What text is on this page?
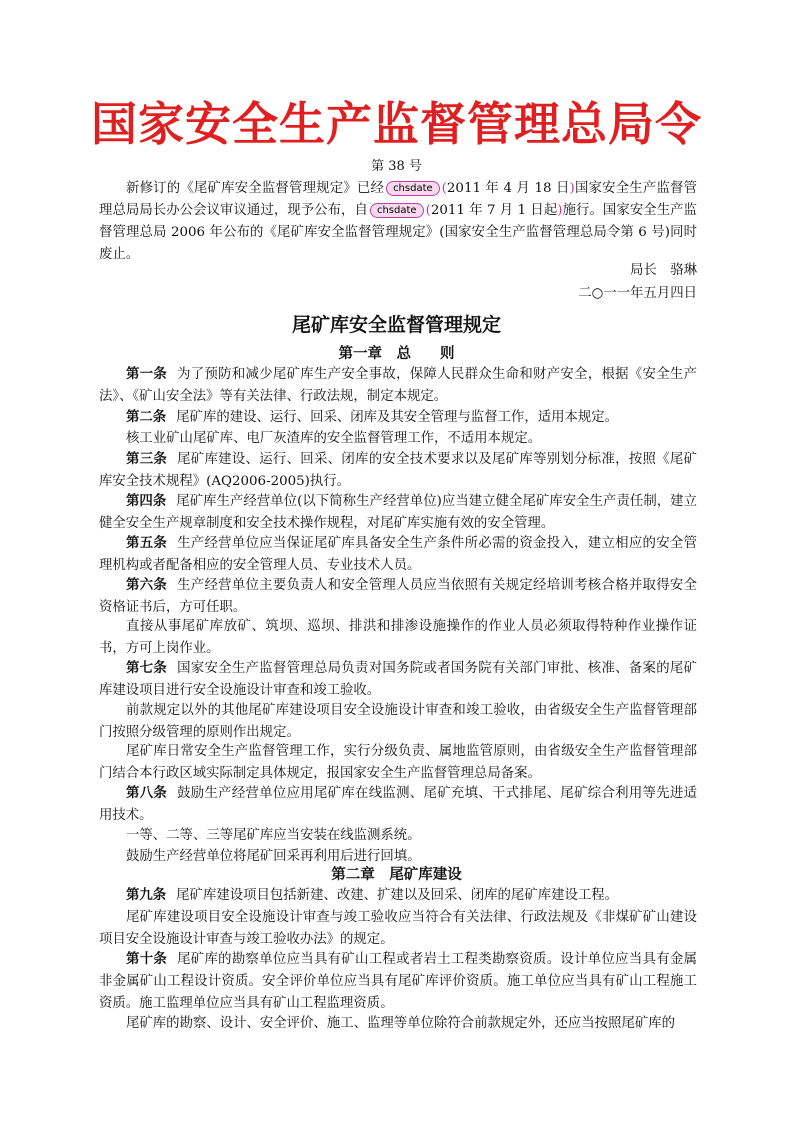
国家安全生产监督管理总局令
第 38 号
新修订的《尾矿库安全监督管理规定》已经 chsdate (2011 年 4 月 18 日)国家安全生产监督管理总局局长办公会议审议通过，现予公布，自 chsdate (2011 年 7 月 1 日起)施行。国家安全生产监督管理总局 2006 年公布的《尾矿库安全监督管理规定》(国家安全生产监督管理总局令第 6 号)同时废止。
局长　骆琳
二○一一年五月四日
尾矿库安全监督管理规定
第一章　总　　则
第一条 为了预防和减少尾矿库生产安全事故，保障人民群众生命和财产安全，根据《安全生产法》、《矿山安全法》等有关法律、行政法规，制定本规定。
第二条 尾矿库的建设、运行、回采、闭库及其安全管理与监督工作，适用本规定。
核工业矿山尾矿库、电厂灰渣库的安全监督管理工作，不适用本规定。
第三条 尾矿库建设、运行、回采、闭库的安全技术要求以及尾矿库等别划分标准，按照《尾矿库安全技术规程》(AQ2006-2005)执行。
第四条 尾矿库生产经营单位(以下简称生产经营单位)应当建立健全尾矿库安全生产责任制，建立健全安全生产规章制度和安全技术操作规程，对尾矿库实施有效的安全管理。
第五条 生产经营单位应当保证尾矿库具备安全生产条件所必需的资金投入，建立相应的安全管理机构或者配备相应的安全管理人员、专业技术人员。
第六条 生产经营单位主要负责人和安全管理人员应当依照有关规定经培训考核合格并取得安全资格证书后，方可任职。
直接从事尾矿库放矿、筑坝、巡坝、排洪和排渗设施操作的作业人员必须取得特种作业操作证书，方可上岗作业。
第七条 国家安全生产监督管理总局负责对国务院或者国务院有关部门审批、核准、备案的尾矿库建设项目进行安全设施设计审查和竣工验收。
前款规定以外的其他尾矿库建设项目安全设施设计审查和竣工验收，由省级安全生产监督管理部门按照分级管理的原则作出规定。
尾矿库日常安全生产监督管理工作，实行分级负责、属地监管原则，由省级安全生产监督管理部门结合本行政区域实际制定具体规定，报国家安全生产监督管理总局备案。
第八条 鼓励生产经营单位应用尾矿库在线监测、尾矿充填、干式排尾、尾矿综合利用等先进适用技术。
一等、二等、三等尾矿库应当安装在线监测系统。
鼓励生产经营单位将尾矿回采再利用后进行回填。
第二章　尾矿库建设
第九条 尾矿库建设项目包括新建、改建、扩建以及回采、闭库的尾矿库建设工程。
尾矿库建设项目安全设施设计审查与竣工验收应当符合有关法律、行政法规及《非煤矿矿山建设项目安全设施设计审查与竣工验收办法》的规定。
第十条 尾矿库的勘察单位应当具有矿山工程或者岩土工程类勘察资质。设计单位应当具有金属非金属矿山工程设计资质。安全评价单位应当具有尾矿库评价资质。施工单位应当具有矿山工程施工资质。施工监理单位应当具有矿山工程监理资质。
尾矿库的勘察、设计、安全评价、施工、监理等单位除符合前款规定外，还应当按照尾矿库的
